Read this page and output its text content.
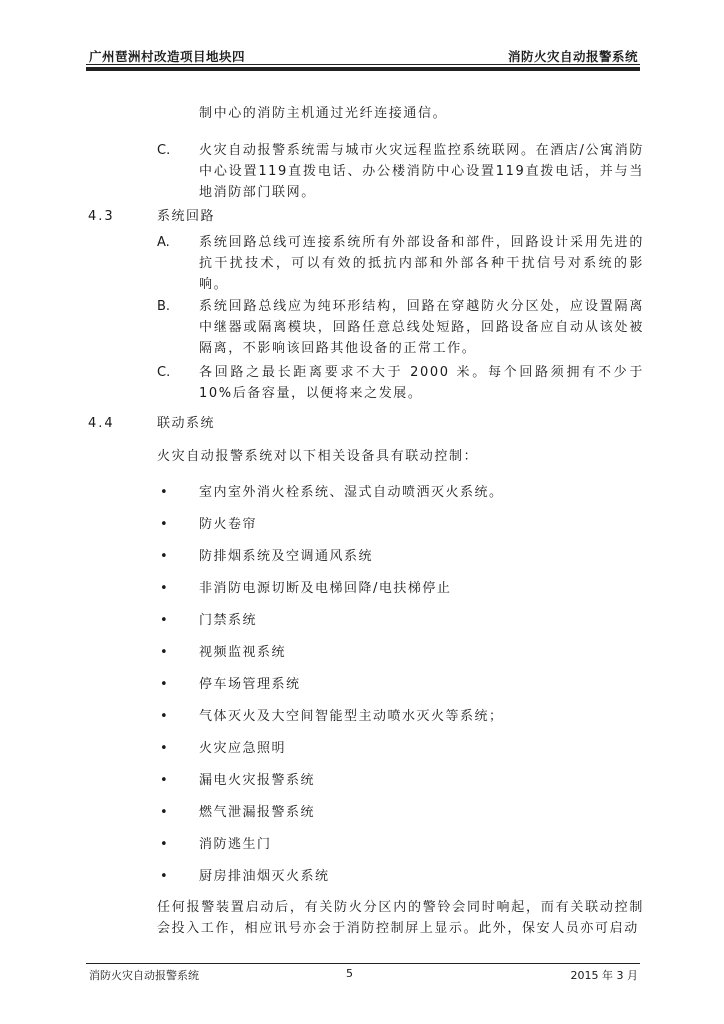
广州琶洲村改造项目地块四	消防火灾自动报警系统
制中心的消防主机通过光纤连接通信。
C. 火灾自动报警系统需与城市火灾远程监控系统联网。在酒店/公寓消防中心设置119直拨电话、办公楼消防中心设置119直拨电话，并与当地消防部门联网。
4.3	系统回路
A. 系统回路总线可连接系统所有外部设备和部件，回路设计采用先进的抗干扰技术，可以有效的抵抗内部和外部各种干扰信号对系统的影响。
B. 系统回路总线应为纯环形结构，回路在穿越防火分区处，应设置隔离中继器或隔离模块，回路任意总线处短路，回路设备应自动从该处被隔离，不影响该回路其他设备的正常工作。
C. 各回路之最长距离要求不大于 2000 米。每个回路须拥有不少于 10%后备容量，以便将来之发展。
4.4	联动系统
火灾自动报警系统对以下相关设备具有联动控制：
• 室内室外消火栓系统、湿式自动喷洒灭火系统。
• 防火卷帘
• 防排烟系统及空调通风系统
• 非消防电源切断及电梯回降/电扶梯停止
• 门禁系统
• 视频监视系统
• 停车场管理系统
• 气体灭火及大空间智能型主动喷水灭火等系统；
• 火灾应急照明
• 漏电火灾报警系统
• 燃气泄漏报警系统
• 消防逃生门
• 厨房排油烟灭火系统
任何报警装置启动后，有关防火分区内的警铃会同时响起，而有关联动控制会投入工作，相应讯号亦会于消防控制屏上显示。此外，保安人员亦可启动
消防火灾自动报警系统	5	2015 年 3 月
